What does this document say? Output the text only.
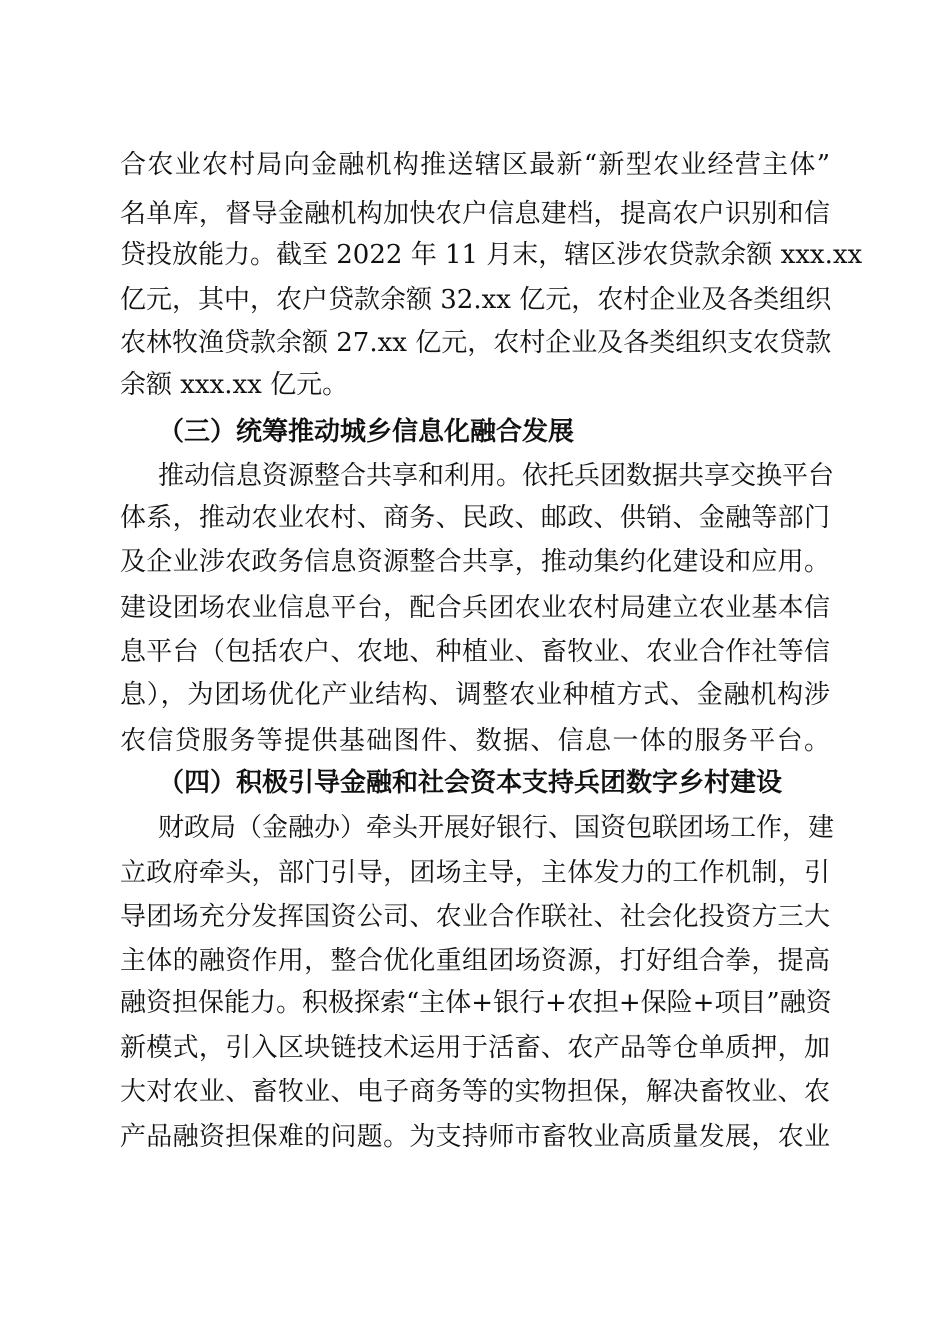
合农业农村局向金融机构推送辖区最新“新型农业经营主体”
名单库，督导金融机构加快农户信息建档，提高农户识别和信
贷投放能力。截至 2022 年 11 月末，辖区涉农贷款余额 xxx.xx
亿元，其中，农户贷款余额 32.xx 亿元，农村企业及各类组织
农林牧渔贷款余额 27.xx 亿元，农村企业及各类组织支农贷款
余额 xxx.xx 亿元。
（三）统筹推动城乡信息化融合发展
推动信息资源整合共享和利用。依托兵团数据共享交换平台
体系，推动农业农村、商务、民政、邮政、供销、金融等部门
及企业涉农政务信息资源整合共享，推动集约化建设和应用。
建设团场农业信息平台，配合兵团农业农村局建立农业基本信
息平台（包括农户、农地、种植业、畜牧业、农业合作社等信
息），为团场优化产业结构、调整农业种植方式、金融机构涉
农信贷服务等提供基础图件、数据、信息一体的服务平台。
（四）积极引导金融和社会资本支持兵团数字乡村建设
财政局（金融办）牵头开展好银行、国资包联团场工作，建
立政府牵头，部门引导，团场主导，主体发力的工作机制，引
导团场充分发挥国资公司、农业合作联社、社会化投资方三大
主体的融资作用，整合优化重组团场资源，打好组合拳，提高
融资担保能力。积极探索“主体+银行+农担+保险+项目”融资
新模式，引入区块链技术运用于活畜、农产品等仓单质押，加
大对农业、畜牧业、电子商务等的实物担保，解决畜牧业、农
产品融资担保难的问题。为支持师市畜牧业高质量发展，农业
